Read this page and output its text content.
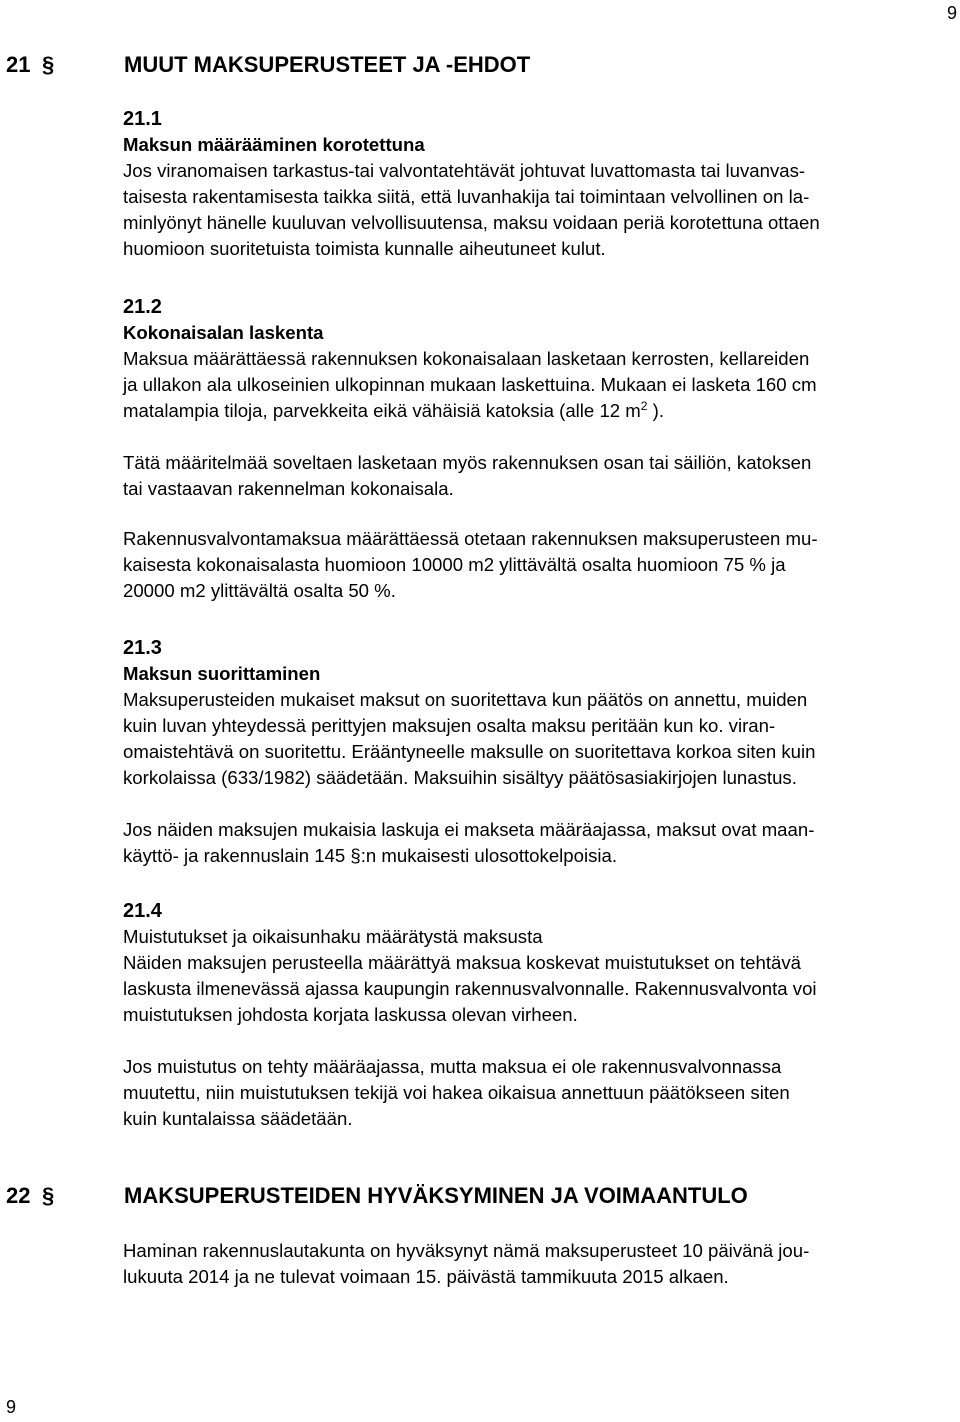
9
21 §	MUUT MAKSUPERUSTEET JA -EHDOT
21.1
Maksun määrääminen korotettuna

Jos viranomaisen tarkastus-tai valvontatehtävät johtuvat luvattomasta tai luvanvas-
taisesta rakentamisesta taikka siitä, että luvanhakija tai toimintaan velvollinen on la-
minlyönyt hänelle kuuluvan velvollisuutensa, maksu voidaan periä korotettuna ottaen
huomioon suoritetuista toimista kunnalle aiheutuneet kulut.

21.2
Kokonaisalan laskenta

Maksua määrättäessä rakennuksen kokonaisalaan lasketaan kerrosten, kellareiden
ja ullakon ala ulkoseinien ulkopinnan mukaan laskettuina. Mukaan ei lasketa 160 cm
matalampia tiloja, parvekkeita eikä vähäisiä katoksia (alle 12 $m^2$ ).

Tätä määritelmää soveltaen lasketaan myös rakennuksen osan tai säiliön, katoksen
tai vastaavan rakennelman kokonaisala.

Rakennusvalvontamaksua määrättäessä otetaan rakennuksen maksuperusteen mu-
kaisesta kokonaisalasta huomioon 10000 m2 ylittävältä osalta huomioon 75 % ja
20000 m2 ylittävältä osalta 50 %.

21.3
Maksun suorittaminen

Maksuperusteiden mukaiset maksut on suoritettava kun päätös on annettu, muiden
kuin luvan yhteydessä perittyjen maksujen osalta maksu peritään kun ko. viran-
omaistehtävä on suoritettu. Erääntyneelle maksulle on suoritettava korkoa siten kuin
korkolaissa (633/1982) säädetään. Maksuihin sisältyy päätösasiakirjojen lunastus.

Jos näiden maksujen mukaisia laskuja ei makseta määräajassa, maksut ovat maan-
käyttö- ja rakennuslain 145 §:n mukaisesti ulosottokelpoisia.

21.4
Muistutukset ja oikaisunhaku määrätystä maksusta

Näiden maksujen perusteella määrättyä maksua koskevat muistutukset on tehtävä
laskusta ilmenevässä ajassa kaupungin rakennusvalvonnalle. Rakennusvalvonta voi
muistutuksen johdosta korjata laskussa olevan virheen.

Jos muistutus on tehty määräajassa, mutta maksua ei ole rakennusvalvonnassa
muutettu, niin muistutuksen tekijä voi hakea oikaisua annettuun päätökseen siten
kuin kuntalaissa säädetään.

22 §	MAKSUPERUSTEIDEN HYVÄKSYMINEN JA VOIMAANTULO

Haminan rakennuslautakunta on hyväksynyt nämä maksuperusteet 10 päivänä jou-
lukuuta 2014 ja ne tulevat voimaan 15. päivästä tammikuuta 2015 alkaen.

9
